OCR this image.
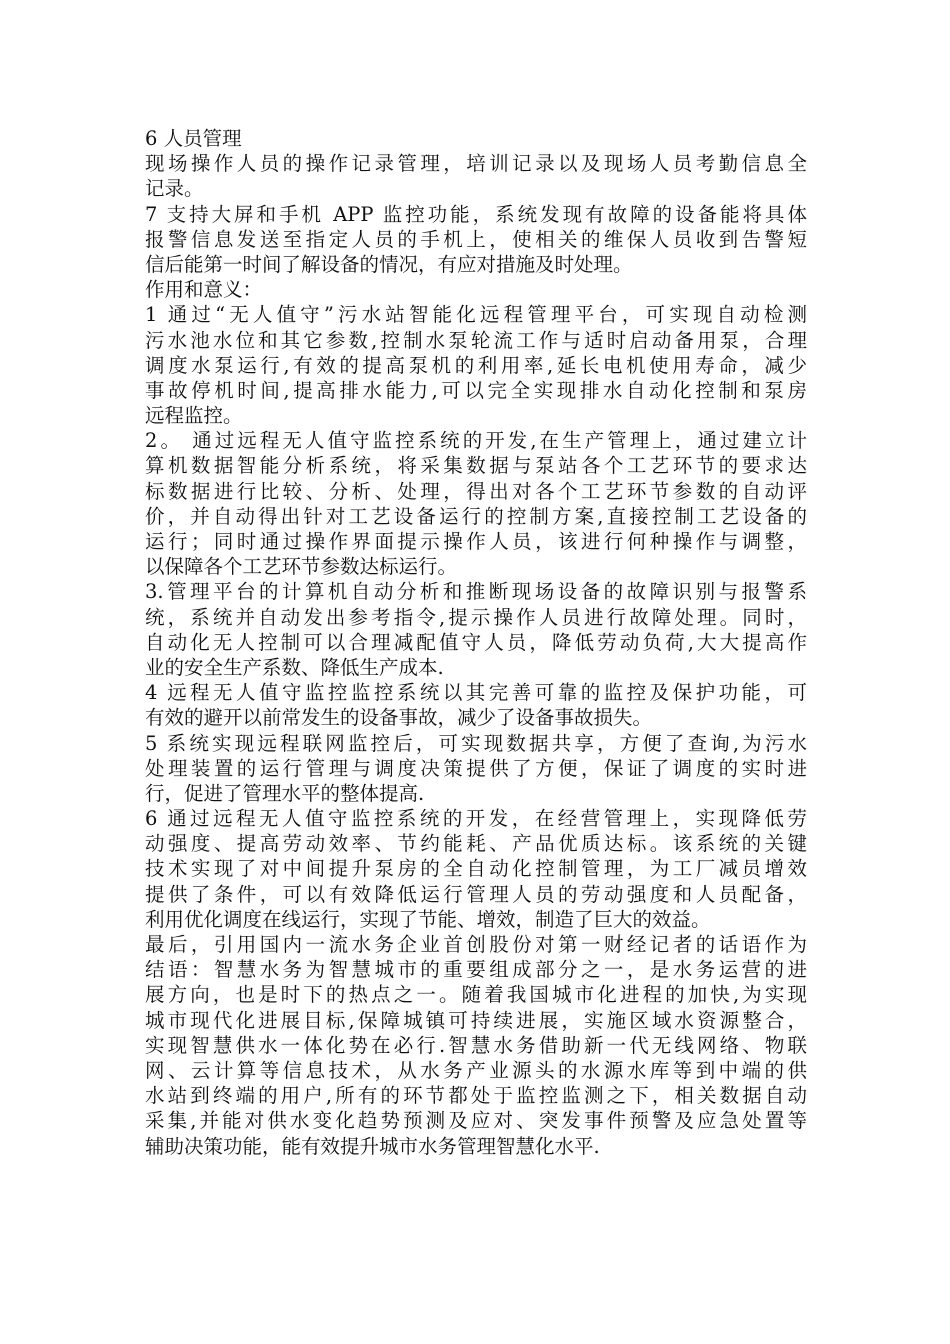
6 人员管理
现场操作人员的操作记录管理，培训记录以及现场人员考勤信息全
记录。
7 支持大屏和手机 APP 监控功能，系统发现有故障的设备能将具体
报警信息发送至指定人员的手机上，使相关的维保人员收到告警短
信后能第一时间了解设备的情况，有应对措施及时处理。
作用和意义：
1 通过“无人值守”污水站智能化远程管理平台，可实现自动检测
污水池水位和其它参数,控制水泵轮流工作与适时启动备用泵，合理
调度水泵运行,有效的提高泵机的利用率,延长电机使用寿命，减少
事故停机时间,提高排水能力,可以完全实现排水自动化控制和泵房
远程监控。
2。 通过远程无人值守监控系统的开发,在生产管理上，通过建立计
算机数据智能分析系统，将采集数据与泵站各个工艺环节的要求达
标数据进行比较、分析、处理，得出对各个工艺环节参数的自动评
价，并自动得出针对工艺设备运行的控制方案,直接控制工艺设备的
运行；同时通过操作界面提示操作人员，该进行何种操作与调整，
以保障各个工艺环节参数达标运行。
3.管理平台的计算机自动分析和推断现场设备的故障识别与报警系
统，系统并自动发出参考指令,提示操作人员进行故障处理。同时，
自动化无人控制可以合理减配值守人员，降低劳动负荷,大大提高作
业的安全生产系数、降低生产成本.
4 远程无人值守监控监控系统以其完善可靠的监控及保护功能，可
有效的避开以前常发生的设备事故，减少了设备事故损失。
5 系统实现远程联网监控后，可实现数据共享，方便了查询,为污水
处理装置的运行管理与调度决策提供了方便，保证了调度的实时进
行，促进了管理水平的整体提高.
6 通过远程无人值守监控系统的开发，在经营管理上，实现降低劳
动强度、提高劳动效率、节约能耗、产品优质达标。该系统的关键
技术实现了对中间提升泵房的全自动化控制管理，为工厂减员增效
提供了条件，可以有效降低运行管理人员的劳动强度和人员配备，
利用优化调度在线运行，实现了节能、增效，制造了巨大的效益。
最后，引用国内一流水务企业首创股份对第一财经记者的话语作为
结语：智慧水务为智慧城市的重要组成部分之一，是水务运营的进
展方向，也是时下的热点之一。随着我国城市化进程的加快,为实现
城市现代化进展目标,保障城镇可持续进展，实施区域水资源整合，
实现智慧供水一体化势在必行.智慧水务借助新一代无线网络、物联
网、云计算等信息技术，从水务产业源头的水源水库等到中端的供
水站到终端的用户,所有的环节都处于监控监测之下，相关数据自动
采集,并能对供水变化趋势预测及应对、突发事件预警及应急处置等
辅助决策功能，能有效提升城市水务管理智慧化水平.
